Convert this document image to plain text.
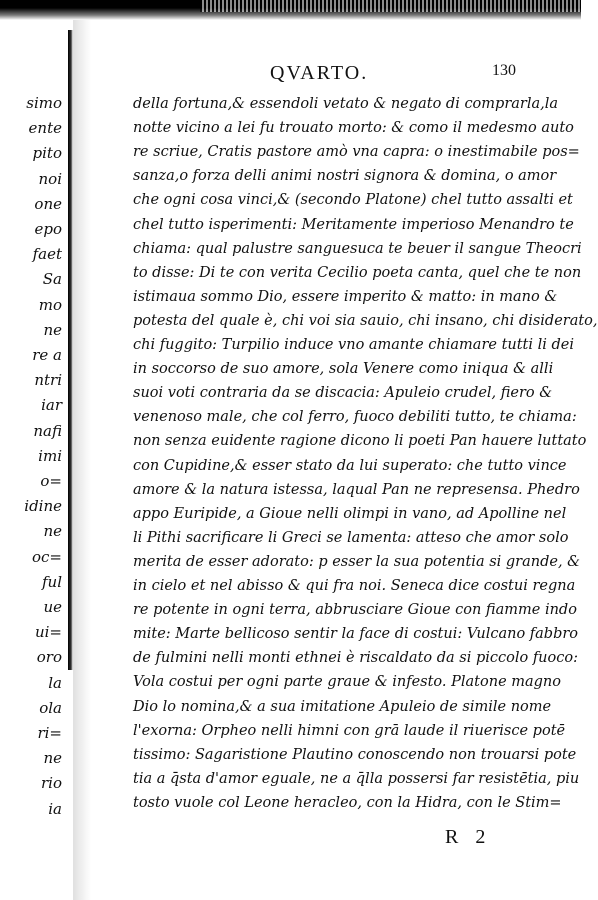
simo
ente
pito
noi
one
epo
faet
Sa
mo
ne
re a
ntri
iar
nafi
imi
o=
idine
ne
oc=
ful
ue
ui=
oro
la
ola
ri=
ne
rio
ia
QVARTO.	130
della fortuna,& essendoli vetato & negato di comprarla,la
notte vicino a lei fu trouato morto: & como il medesmo auto
re scriue, Cratis pastore amò vna capra: o inestimabile pos=
sanza,o forza delli animi nostri signora & domina, o amor
che ogni cosa vinci,& (secondo Platone) chel tutto assalti et
chel tutto isperimenti: Meritamente imperioso Menandro te
chiama: qual palustre sanguesuca te beuer il sangue Theocri
to disse: Di te con verita Cecilio poeta canta, quel che te non
istimaua sommo Dio, essere imperito & matto: in mano &
potesta del quale è, chi voi sia sauio, chi insano, chi disiderato,
chi fuggito: Turpilio induce vno amante chiamare tutti li dei
in soccorso de suo amore, sola Venere como iniqua & alli
suoi voti contraria da se discacia: Apuleio crudel, fiero &
venenoso male, che col ferro, fuoco debiliti tutto, te chiama:
non senza euidente ragione dicono li poeti Pan hauere luttato
con Cupidine,& esser stato da lui superato: che tutto vince
amore & la natura istessa, laqual Pan ne represensa. Phedro
appo Euripide, a Gioue nelli olimpi in vano, ad Apolline nel
li Pithi sacrificare li Greci se lamenta: atteso che amor solo
merita de esser adorato: p esser la sua potentia si grande, &
in cielo et nel abisso & qui fra noi. Seneca dice costui regna
re potente in ogni terra, abbrusciare Gioue con fiamme indo
mite: Marte bellicoso sentir la face di costui: Vulcano fabbro
de fulmini nelli monti ethnei è riscaldato da si piccolo fuoco:
Vola costui per ogni parte graue & infesto. Platone magno
Dio lo nomina,& a sua imitatione Apuleio de simile nome
l'exorna: Orpheo nelli himni con grā laude il riuerisce potē
tissimo: Sagaristione Plautino conoscendo non trouarsi pote
tia a q̄sta d'amor eguale, ne a q̄lla possersi far resistētia, piu
tosto vuole col Leone heracleo, con la Hidra, con le Stim=
R 2
